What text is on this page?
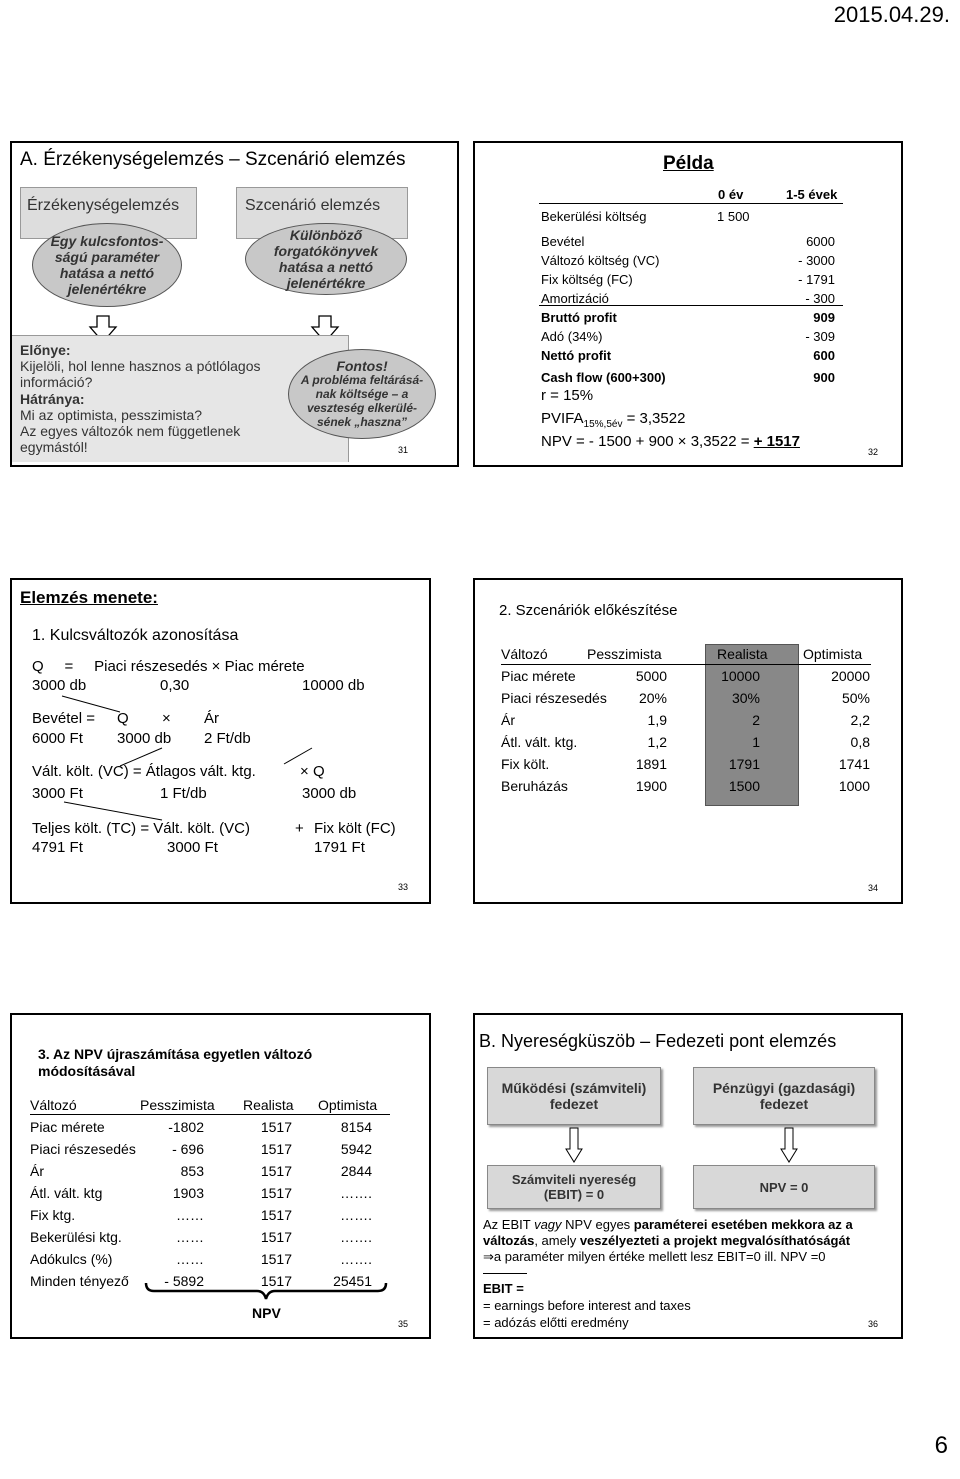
2015.04.29.
A. Érzékenységelemzés – Szcenárió elemzés
Érzékenységelemzés	Szcenárió elemzés
Egy kulcsfontos-
ságú paraméter
hatása a nettó
jelenértékre
Különböző
forgatókönyvek
hatása a nettó
jelenértékre
Előnye:
Kijelöli, hol lenne hasznos a pótlólagos
információ?
Hátránya:
Mi az optimista, pesszimista?
Az egyes változók nem függetlenek
egymástól!
Fontos!
A probléma feltárásá-
nak költsége – a
veszteség elkerülé-
sének „haszna”
31
Példa
0 év	1-5 évek
Bekerülési költség	1 500
Bevétel	6000
Változó költség (VC)	- 3000
Fix költség (FC)	- 1791
Amortizáció	- 300
Bruttó profit	909
Adó (34%)	- 309
Nettó profit	600
Cash flow (600+300)	900
r = 15%
$PVIFA_{15\%,5év} = 3,3522$
NPV = - 1500 + 900 × 3,3522 = + 1517
32
Elemzés menete:
1. Kulcsváltozók azonosítása
Q     =     Piaci részesedés × Piac mérete
3000 db	0,30	10000 db
Bevétel = Q × Ár
6000 Ft 3000 db 2 Ft/db
Vált. költ. (VC) = Átlagos vált. ktg.	× Q
3000 Ft	1 Ft/db	3000 db
Teljes költ. (TC) = Vált. költ. (VC)	+ Fix költ (FC)
4791 Ft	3000 Ft	1791 Ft
33
2. Szcenáriók előkészítése
Változó	Pesszimista	Realista	Optimista
Piac mérete	5000	10000	20000
Piaci részesedés 20%	30%	50%
Ár	1,9	2	2,2
Átl. vált. ktg.	1,2	1	0,8
Fix költ.	1891	1791	1741
Beruházás	1900	1500	1000
34
3. Az NPV újraszámítása egyetlen változó
módosításával
Változó	Pesszimista Realista Optimista
Piac mérete	-1802	1517	8154
Piaci részesedés	- 696	1517	5942
Ár	853	1517	2844
Átl. vált. ktg	1903	1517	…….
Fix ktg.	……	1517	…….
Bekerülési ktg.	……	1517	…….
Adókulcs (%)	……	1517	…….
Minden tényező	- 5892	1517	25451
NPV
35
B. Nyereségküszöb – Fedezeti pont elemzés
Működési (számviteli)
fedezet
Pénzügyi (gazdasági)
fedezet
Számviteli nyereség
(EBIT) = 0	NPV = 0
Az EBIT vagy NPV egyes paraméterei esetében mekkora az a
változás, amely veszélyezteti a projekt megvalósíthatóságát
⇒a paraméter milyen értéke mellett lesz EBIT=0 ill. NPV =0
EBIT =
= earnings before interest and taxes
= adózás előtti eredmény	36
6
